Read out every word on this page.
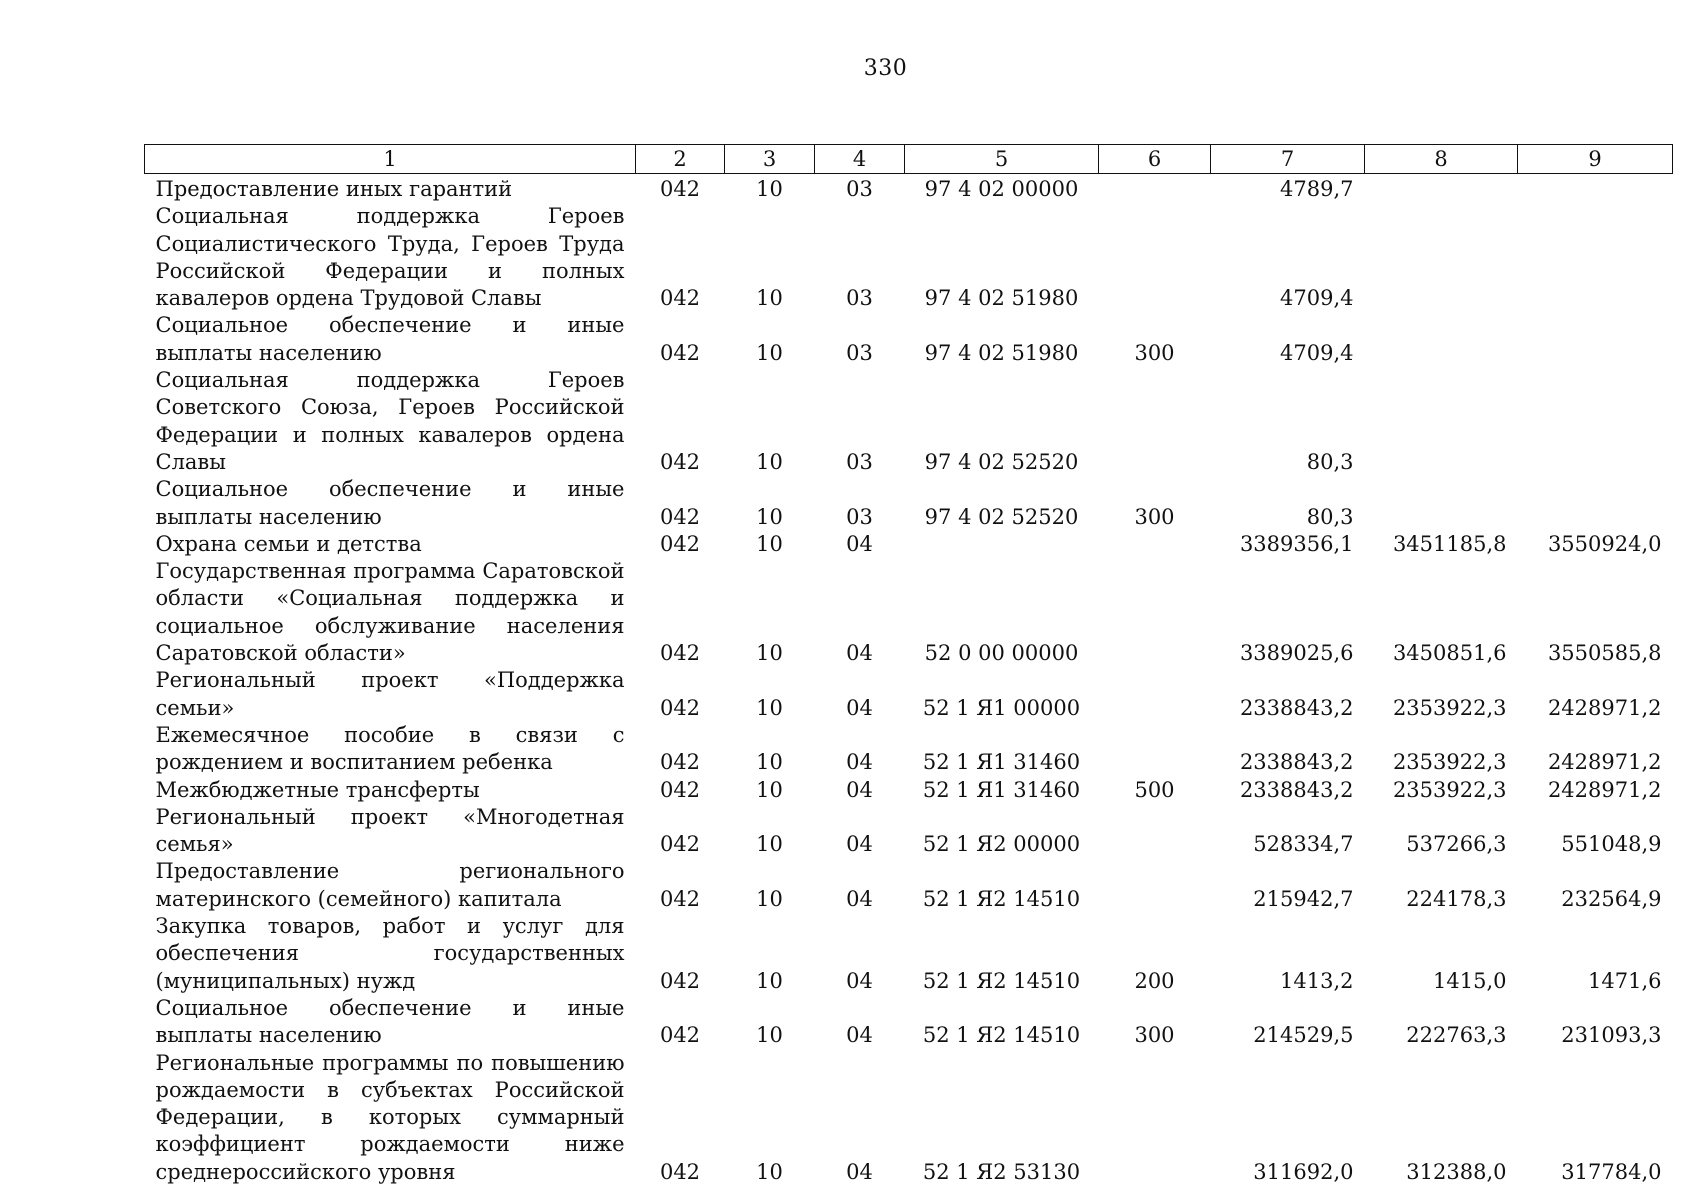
330
1	2	3	4	5	6	7	8	9
Предоставление иных гарантий	042	10	03	97 4 02 00000		4789,7		
Социальная поддержка Героев Социалистического Труда, Героев Труда Российской Федерации и полных кавалеров ордена Трудовой Славы	042	10	03	97 4 02 51980		4709,4		
Социальное обеспечение и иные выплаты населению	042	10	03	97 4 02 51980	300	4709,4		
Социальная поддержка Героев Советского Союза, Героев Российской Федерации и полных кавалеров ордена Славы	042	10	03	97 4 02 52520		80,3		
Социальное обеспечение и иные выплаты населению	042	10	03	97 4 02 52520	300	80,3		
Охрана семьи и детства	042	10	04			3389356,1	3451185,8	3550924,0
Государственная программа Саратовской области «Социальная поддержка и социальное обслуживание населения Саратовской области»	042	10	04	52 0 00 00000		3389025,6	3450851,6	3550585,8
Региональный проект «Поддержка семьи»	042	10	04	52 1 Я1 00000		2338843,2	2353922,3	2428971,2
Ежемесячное пособие в связи с рождением и воспитанием ребенка	042	10	04	52 1 Я1 31460		2338843,2	2353922,3	2428971,2
Межбюджетные трансферты	042	10	04	52 1 Я1 31460	500	2338843,2	2353922,3	2428971,2
Региональный проект «Многодетная семья»	042	10	04	52 1 Я2 00000		528334,7	537266,3	551048,9
Предоставление регионального материнского (семейного) капитала	042	10	04	52 1 Я2 14510		215942,7	224178,3	232564,9
Закупка товаров, работ и услуг для обеспечения государственных (муниципальных) нужд	042	10	04	52 1 Я2 14510	200	1413,2	1415,0	1471,6
Социальное обеспечение и иные выплаты населению	042	10	04	52 1 Я2 14510	300	214529,5	222763,3	231093,3
Региональные программы по повышению рождаемости в субъектах Российской Федерации, в которых суммарный коэффициент рождаемости ниже среднероссийского уровня	042	10	04	52 1 Я2 53130		311692,0	312388,0	317784,0
